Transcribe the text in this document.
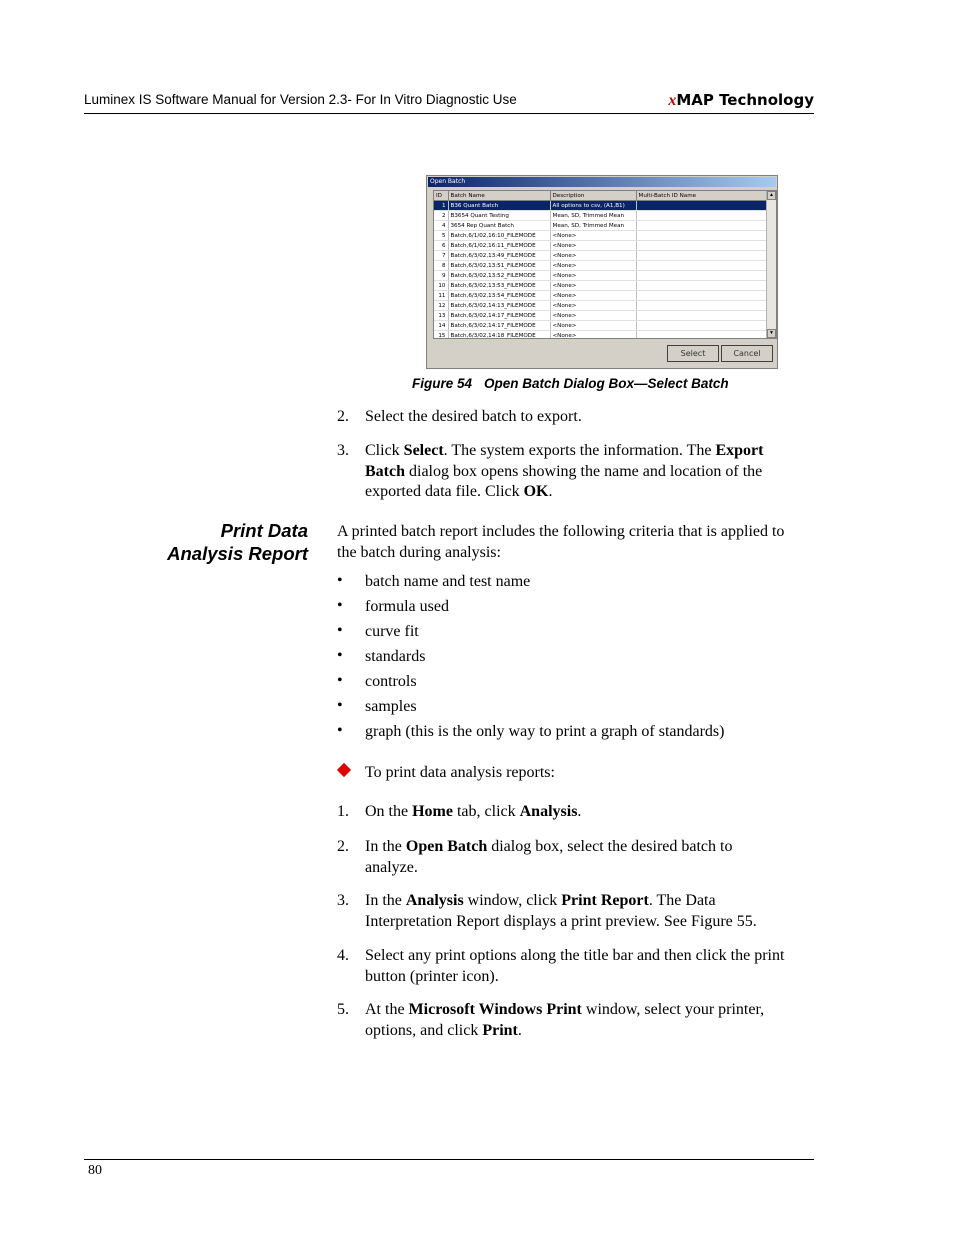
Luminex IS Software Manual for Version 2.3- For In Vitro Diagnostic Use	xMAP Technology
Open Batch
ID	Batch Name	Description	Multi-Batch ID Name
1	B36 Quant Batch	All options to csv, (A1,B1)	
2	B3654 Quant Testing	Mean, SD, Trimmed Mean	
4	3654 Rep Quant Batch	Mean, SD, Trimmed Mean	
5	Batch,6/1/02,16:10_FILEMODE	<None>	
6	Batch,6/1/02,16:11_FILEMODE	<None>	
7	Batch,6/3/02,13:49_FILEMODE	<None>	
8	Batch,6/3/02,13:51_FILEMODE	<None>	
9	Batch,6/3/02,13:52_FILEMODE	<None>	
10	Batch,6/3/02,13:53_FILEMODE	<None>	
11	Batch,6/3/02,13:54_FILEMODE	<None>	
12	Batch,6/3/02,14:13_FILEMODE	<None>	
13	Batch,6/3/02,14:17_FILEMODE	<None>	
14	Batch,6/3/02,14:17_FILEMODE	<None>	
15	Batch,6/3/02,14:18_FILEMODE	<None>	
▲
▼
Select	Cancel
Figure 54 Open Batch Dialog Box—Select Batch
2. Select the desired batch to export.
3. Click Select. The system exports the information. The Export Batch dialog box opens showing the name and location of the exported data file. Click OK.
Print Data
Analysis Report
A printed batch report includes the following criteria that is applied to the batch during analysis:
• batch name and test name
• formula used
• curve fit
• standards
• controls
• samples
• graph (this is the only way to print a graph of standards)
To print data analysis reports:
1. On the Home tab, click Analysis.
2. In the Open Batch dialog box, select the desired batch to analyze.
3. In the Analysis window, click Print Report. The Data Interpretation Report displays a print preview. See Figure 55.
4. Select any print options along the title bar and then click the print button (printer icon).
5. At the Microsoft Windows Print window, select your printer, options, and click Print.
80
